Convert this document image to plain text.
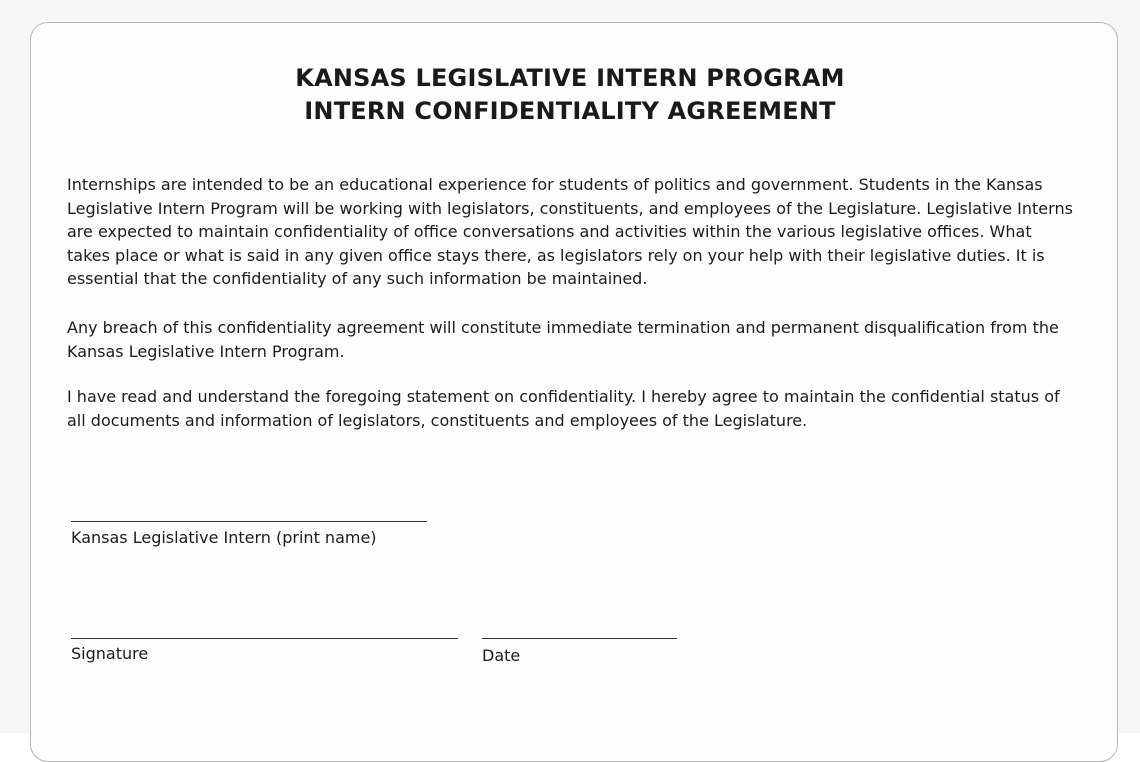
KANSAS LEGISLATIVE INTERN PROGRAM
INTERN CONFIDENTIALITY AGREEMENT

Internships are intended to be an educational experience for students of politics and government. Students in the Kansas Legislative Intern Program will be working with legislators, constituents, and employees of the Legislature. Legislative Interns are expected to maintain confidentiality of office conversations and activities within the various legislative offices. What takes place or what is said in any given office stays there, as legislators rely on your help with their legislative duties. It is essential that the confidentiality of any such information be maintained.

Any breach of this confidentiality agreement will constitute immediate termination and permanent disqualification from the Kansas Legislative Intern Program.

I have read and understand the foregoing statement on confidentiality. I hereby agree to maintain the confidential status of all documents and information of legislators, constituents and employees of the Legislature.

Kansas Legislative Intern (print name)
Signature	Date
